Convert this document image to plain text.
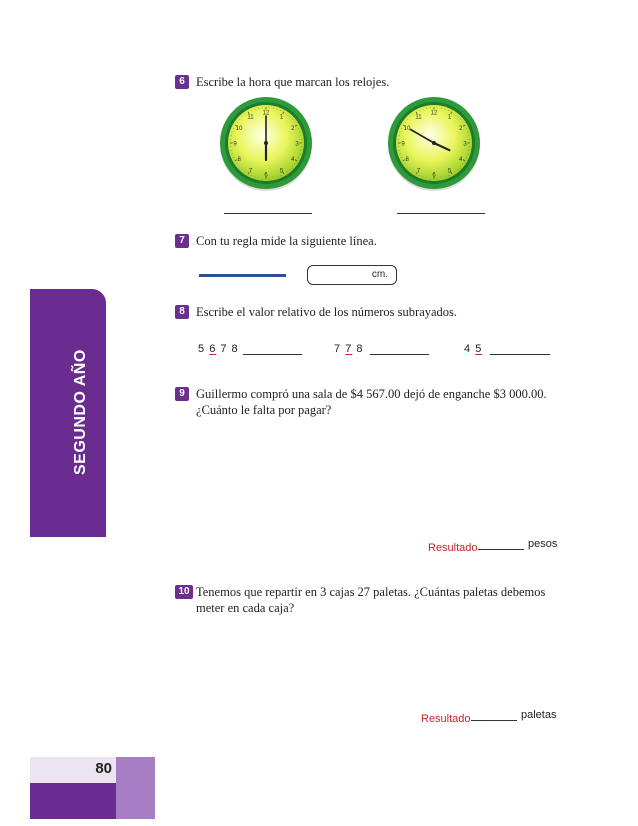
SEGUNDO AÑO
6 Escribe la hora que marcan los relojes.
12
1
2
3
4
5
6
7
8
9
10
11
12
1
2
3
4
5
6
7
8
9
10
11
7 Con tu regla mide la siguiente línea.
cm.
8 Escribe el valor relativo de los números subrayados.
5 6 7 8	7 7 8	4 5
9 Guillermo compró una sala de $4 567.00 dejó de enganche $3 000.00.
¿Cuánto le falta por pagar?
Resultado	pesos
10 Tenemos que repartir en 3 cajas 27 paletas. ¿Cuántas paletas debemos
meter en cada caja?
Resultado	paletas
80
